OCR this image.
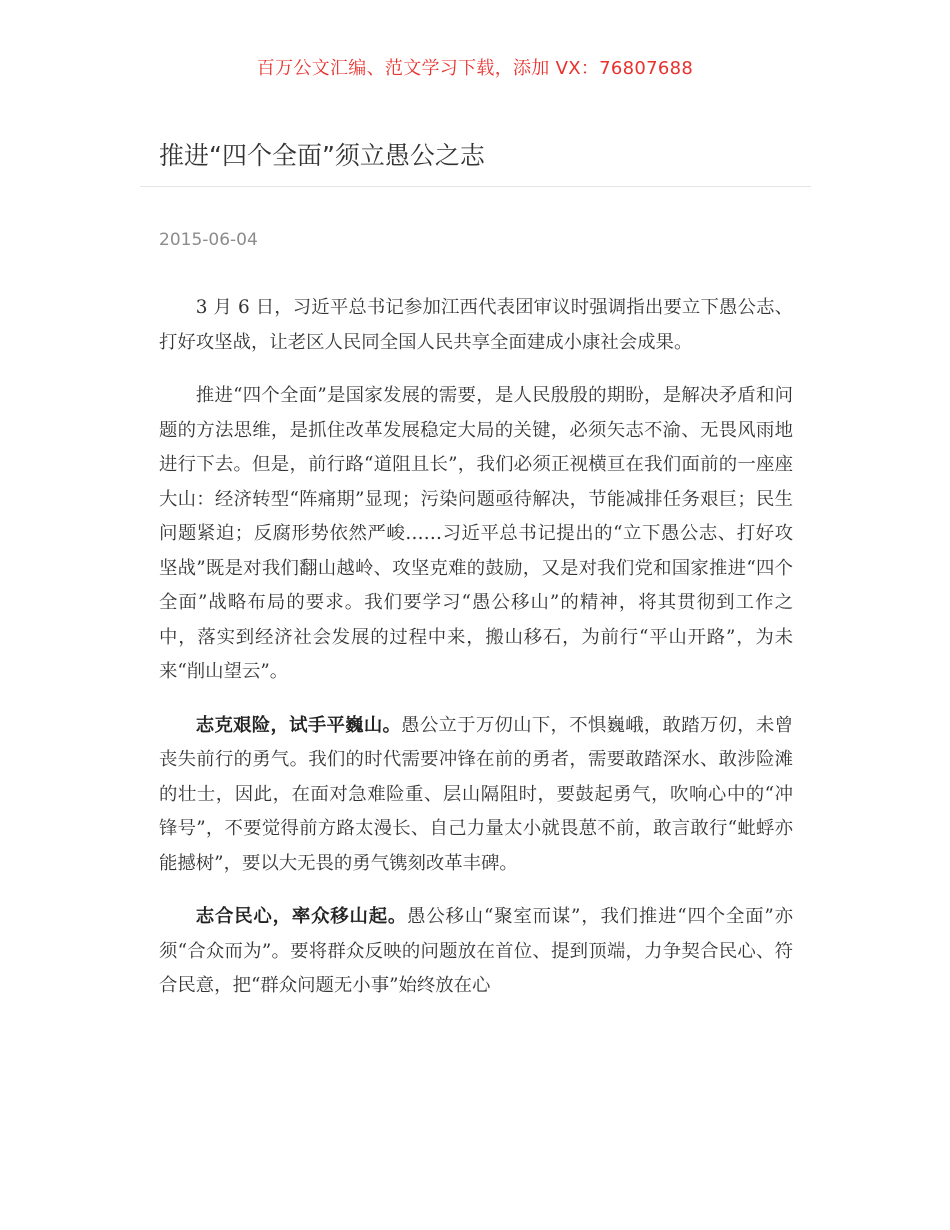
百万公文汇编、范文学习下载，添加 VX：76807688
推进“四个全面”须立愚公之志
2015-06-04

3 月 6 日，习近平总书记参加江西代表团审议时强调指出要立下愚公志、打好攻坚战，让老区人民同全国人民共享全面建成小康社会成果。

推进“四个全面”是国家发展的需要，是人民殷殷的期盼，是解决矛盾和问题的方法思维，是抓住改革发展稳定大局的关键，必须矢志不渝、无畏风雨地进行下去。但是，前行路“道阻且长”，我们必须正视横亘在我们面前的一座座大山：经济转型“阵痛期”显现；污染问题亟待解决，节能减排任务艰巨；民生问题紧迫；反腐形势依然严峻……习近平总书记提出的“立下愚公志、打好攻坚战”既是对我们翻山越岭、攻坚克难的鼓励，又是对我们党和国家推进“四个全面”战略布局的要求。我们要学习“愚公移山”的精神，将其贯彻到工作之中，落实到经济社会发展的过程中来，搬山移石，为前行“平山开路”，为未来“削山望云”。

志克艰险，试手平巍山。愚公立于万仞山下，不惧巍峨，敢踏万仞，未曾丧失前行的勇气。我们的时代需要冲锋在前的勇者，需要敢踏深水、敢涉险滩的壮士，因此，在面对急难险重、层山隔阻时，要鼓起勇气，吹响心中的“冲锋号”，不要觉得前方路太漫长、自己力量太小就畏葸不前，敢言敢行“蚍蜉亦能撼树”，要以大无畏的勇气镌刻改革丰碑。

志合民心，率众移山起。愚公移山“聚室而谋”，我们推进“四个全面”亦须“合众而为”。要将群众反映的问题放在首位、提到顶端，力争契合民心、符合民意，把“群众问题无小事”始终放在心
